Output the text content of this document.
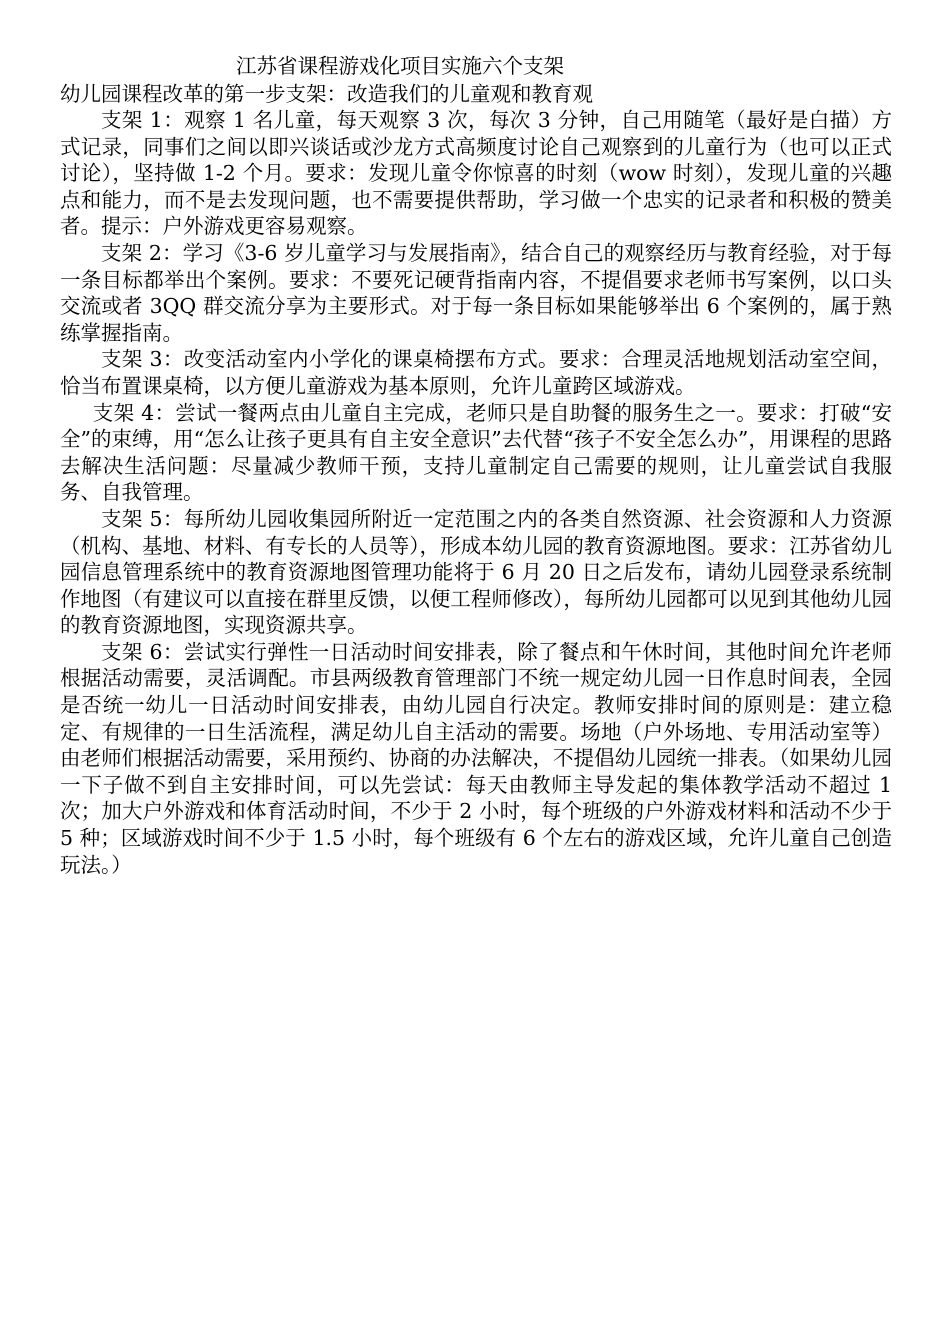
江苏省课程游戏化项目实施六个支架
幼儿园课程改革的第一步支架：改造我们的儿童观和教育观

支架 1：观察 1 名儿童，每天观察 3 次，每次 3 分钟，自己用随笔（最好是白描）方式记录，同事们之间以即兴谈话或沙龙方式高频度讨论自己观察到的儿童行为（也可以正式讨论），坚持做 1-2 个月。要求：发现儿童令你惊喜的时刻（wow 时刻），发现儿童的兴趣点和能力，而不是去发现问题，也不需要提供帮助，学习做一个忠实的记录者和积极的赞美者。提示：户外游戏更容易观察。

支架 2：学习《3-6 岁儿童学习与发展指南》，结合自己的观察经历与教育经验，对于每一条目标都举出个案例。要求：不要死记硬背指南内容，不提倡要求老师书写案例，以口头交流或者 3QQ 群交流分享为主要形式。对于每一条目标如果能够举出 6 个案例的，属于熟练掌握指南。

支架 3：改变活动室内小学化的课桌椅摆布方式。要求：合理灵活地规划活动室空间，恰当布置课桌椅，以方便儿童游戏为基本原则，允许儿童跨区域游戏。

支架 4：尝试一餐两点由儿童自主完成，老师只是自助餐的服务生之一。要求：打破“安全”的束缚，用“怎么让孩子更具有自主安全意识”去代替“孩子不安全怎么办”，用课程的思路去解决生活问题：尽量减少教师干预，支持儿童制定自己需要的规则，让儿童尝试自我服务、自我管理。

支架 5：每所幼儿园收集园所附近一定范围之内的各类自然资源、社会资源和人力资源（机构、基地、材料、有专长的人员等），形成本幼儿园的教育资源地图。要求：江苏省幼儿园信息管理系统中的教育资源地图管理功能将于 6 月 20 日之后发布，请幼儿园登录系统制作地图（有建议可以直接在群里反馈，以便工程师修改），每所幼儿园都可以见到其他幼儿园的教育资源地图，实现资源共享。

支架 6：尝试实行弹性一日活动时间安排表，除了餐点和午休时间，其他时间允许老师根据活动需要，灵活调配。市县两级教育管理部门不统一规定幼儿园一日作息时间表，全园是否统一幼儿一日活动时间安排表，由幼儿园自行决定。教师安排时间的原则是：建立稳定、有规律的一日生活流程，满足幼儿自主活动的需要。场地（户外场地、专用活动室等）由老师们根据活动需要，采用预约、协商的办法解决，不提倡幼儿园统一排表。（如果幼儿园一下子做不到自主安排时间，可以先尝试：每天由教师主导发起的集体教学活动不超过 1 次；加大户外游戏和体育活动时间，不少于 2 小时，每个班级的户外游戏材料和活动不少于 5 种；区域游戏时间不少于 1.5 小时，每个班级有 6 个左右的游戏区域，允许儿童自己创造玩法。）
